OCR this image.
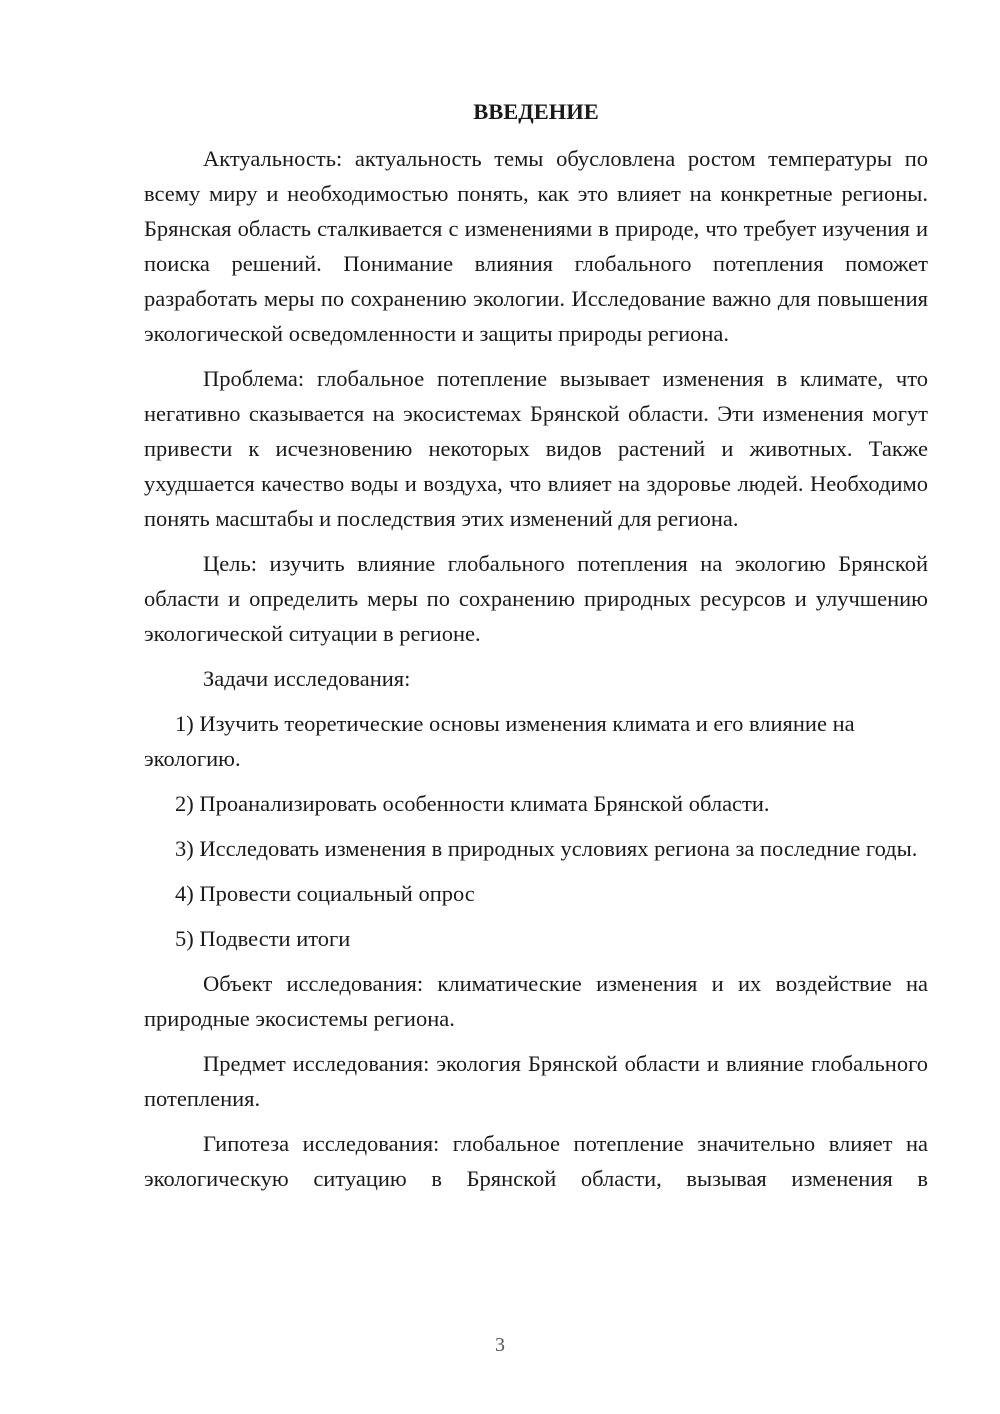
ВВЕДЕНИЕ

Актуальность: актуальность темы обусловлена ростом температуры по всему миру и необходимостью понять, как это влияет на конкретные регионы. Брянская область сталкивается с изменениями в природе, что требует изучения и поиска решений. Понимание влияния глобального потепления поможет разработать меры по сохранению экологии. Исследование важно для повышения экологической осведомленности и защиты природы региона.

Проблема: глобальное потепление вызывает изменения в климате, что негативно сказывается на экосистемах Брянской области. Эти изменения могут привести к исчезновению некоторых видов растений и животных. Также ухудшается качество воды и воздуха, что влияет на здоровье людей. Необходимо понять масштабы и последствия этих изменений для региона.

Цель: изучить влияние глобального потепления на экологию Брянской области и определить меры по сохранению природных ресурсов и улучшению экологической ситуации в регионе.

Задачи исследования:

1) Изучить теоретические основы изменения климата и его влияние на экологию.

2) Проанализировать особенности климата Брянской области.

3) Исследовать изменения в природных условиях региона за последние годы.

4) Провести социальный опрос

5) Подвести итоги

Объект исследования: климатические изменения и их воздействие на природные экосистемы региона.

Предмет исследования: экология Брянской области и влияние глобального потепления.

Гипотеза исследования: глобальное потепление значительно влияет на экологическую ситуацию в Брянской области, вызывая изменения в

3
